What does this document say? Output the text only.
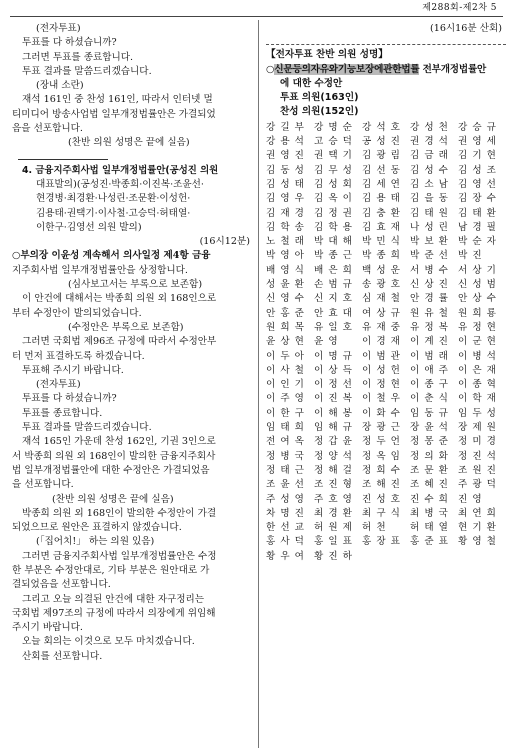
제288회-제2차 5
(전자투표)
투표를 다 하셨습니까?
그러면 투표를 종료합니다.
투표 결과를 말씀드리겠습니다.
(장내 소란)
재석 161인 중 찬성 161인, 따라서 인터넷 멀
티미디어 방송사업법 일부개정법률안은 가결되었
음을 선포합니다.
(찬반 의원 성명은 끝에 실음)
4. 금융지주회사법 일부개정법률안(공성진 의원
대표발의)(공성진·박종희·이진복·조윤선·
현경병·최경환·나성린·조문환·이성헌·
김용태·권택기·이사철·고승덕·허태열·
이한구·김영선 의원 발의)
(16시12분)
○부의장 이윤성 계속해서 의사일정 제4항 금융
지주회사법 일부개정법률안을 상정합니다.
(심사보고서는 부록으로 보존함)
이 안건에 대해서는 박종희 의원 외 168인으로
부터 수정안이 발의되었습니다.
(수정안은 부록으로 보존함)
그러면 국회법 제96조 규정에 따라서 수정안부
터 먼저 표결하도록 하겠습니다.
투표해 주시기 바랍니다.
(전자투표)
투표를 다 하셨습니까?
투표를 종료합니다.
투표 결과를 말씀드리겠습니다.
재석 165인 가운데 찬성 162인, 기권 3인으로
서 박종희 의원 외 168인이 발의한 금융지주회사
법 일부개정법률안에 대한 수정안은 가결되었음
을 선포합니다.
(찬반 의원 성명은 끝에 실음)
박종희 의원 외 168인이 발의한 수정안이 가결
되었으므로 원안은 표결하지 않겠습니다.
(「집어치!」 하는 의원 있음)
그러면 금융지주회사법 일부개정법률안은 수정
한 부분은 수정안대로, 기타 부분은 원안대로 가
결되었음을 선포합니다.
그리고 오늘 의결된 안건에 대한 자구정리는
국회법 제97조의 규정에 따라서 의장에게 위임해
주시기 바랍니다.
오늘 회의는 이것으로 모두 마치겠습니다.
산회를 선포합니다.
(16시16분 산회)
【전자투표 찬반 의원 성명】
○신문등의자유와기능보장에관한법률 전부개정법률안
에 대한 수정안
투표 의원(163인)
찬성 의원(152인)
강 길 부 강 명 순 강 석 호 강 성 천 강 승 규
강 용 석 고 승 덕 공 성 진 권 경 석 권 영 세
권 영 진 권 택 기 김 광 림 김 금 래 김 기 현
김 동 성 김 무 성 김 선 동 김 성 수 김 성 조
김 성 태 김 성 회 김 세 연 김 소 남 김 영 선
김 영 우 김 옥 이 김 용 태 김 을 동 김 장 수
김 재 경 김 정 권 김 충 환 김 태 원 김 태 환
김 학 송 김 학 용 김 효 재 나 성 린 남 경 필
노 철 래 박 대 해 박 민 식 박 보 환 박 순 자
박 영 아 박 종 근 박 종 희 박 준 선 박 진
배 영 식 배 은 희 백 성 운 서 병 수 서 상 기
성 윤 환 손 범 규 송 광 호 신 상 진 신 성 범
신 영 수 신 지 호 심 재 철 안 경 률 안 상 수
안 홍 준 안 효 대 여 상 규 원 유 철 원 희 룡
원 희 목 유 일 호 유 재 중 유 정 복 유 정 현
윤 상 현 윤 영	이 경 재 이 계 진 이 군 현
이 두 아 이 명 규 이 범 관 이 범 래 이 병 석
이 사 철 이 상 득 이 성 헌 이 애 주 이 은 재
이 인 기 이 정 선 이 정 현 이 종 구 이 종 혁
이 주 영 이 진 복 이 철 우 이 춘 식 이 학 재
이 한 구 이 해 봉 이 화 수 임 동 규 임 두 성
임 태 희 임 해 규 장 광 근 장 윤 석 장 제 원
전 여 옥 정 갑 윤 정 두 언 정 몽 준 정 미 경
정 병 국 정 양 석 정 옥 임 정 의 화 정 진 석
정 태 근 정 해 걸 정 희 수 조 문 환 조 원 진
조 윤 선 조 진 형 조 해 진 조 혜 진 주 광 덕
주 성 영 주 호 영 진 성 호 진 수 희 진 영
차 명 진 최 경 환 최 구 식 최 병 국 최 연 희
한 선 교 허 원 제 허 천	허 태 열 현 기 환
홍 사 덕 홍 일 표 홍 장 표 홍 준 표 황 영 철
황 우 여 황 진 하
